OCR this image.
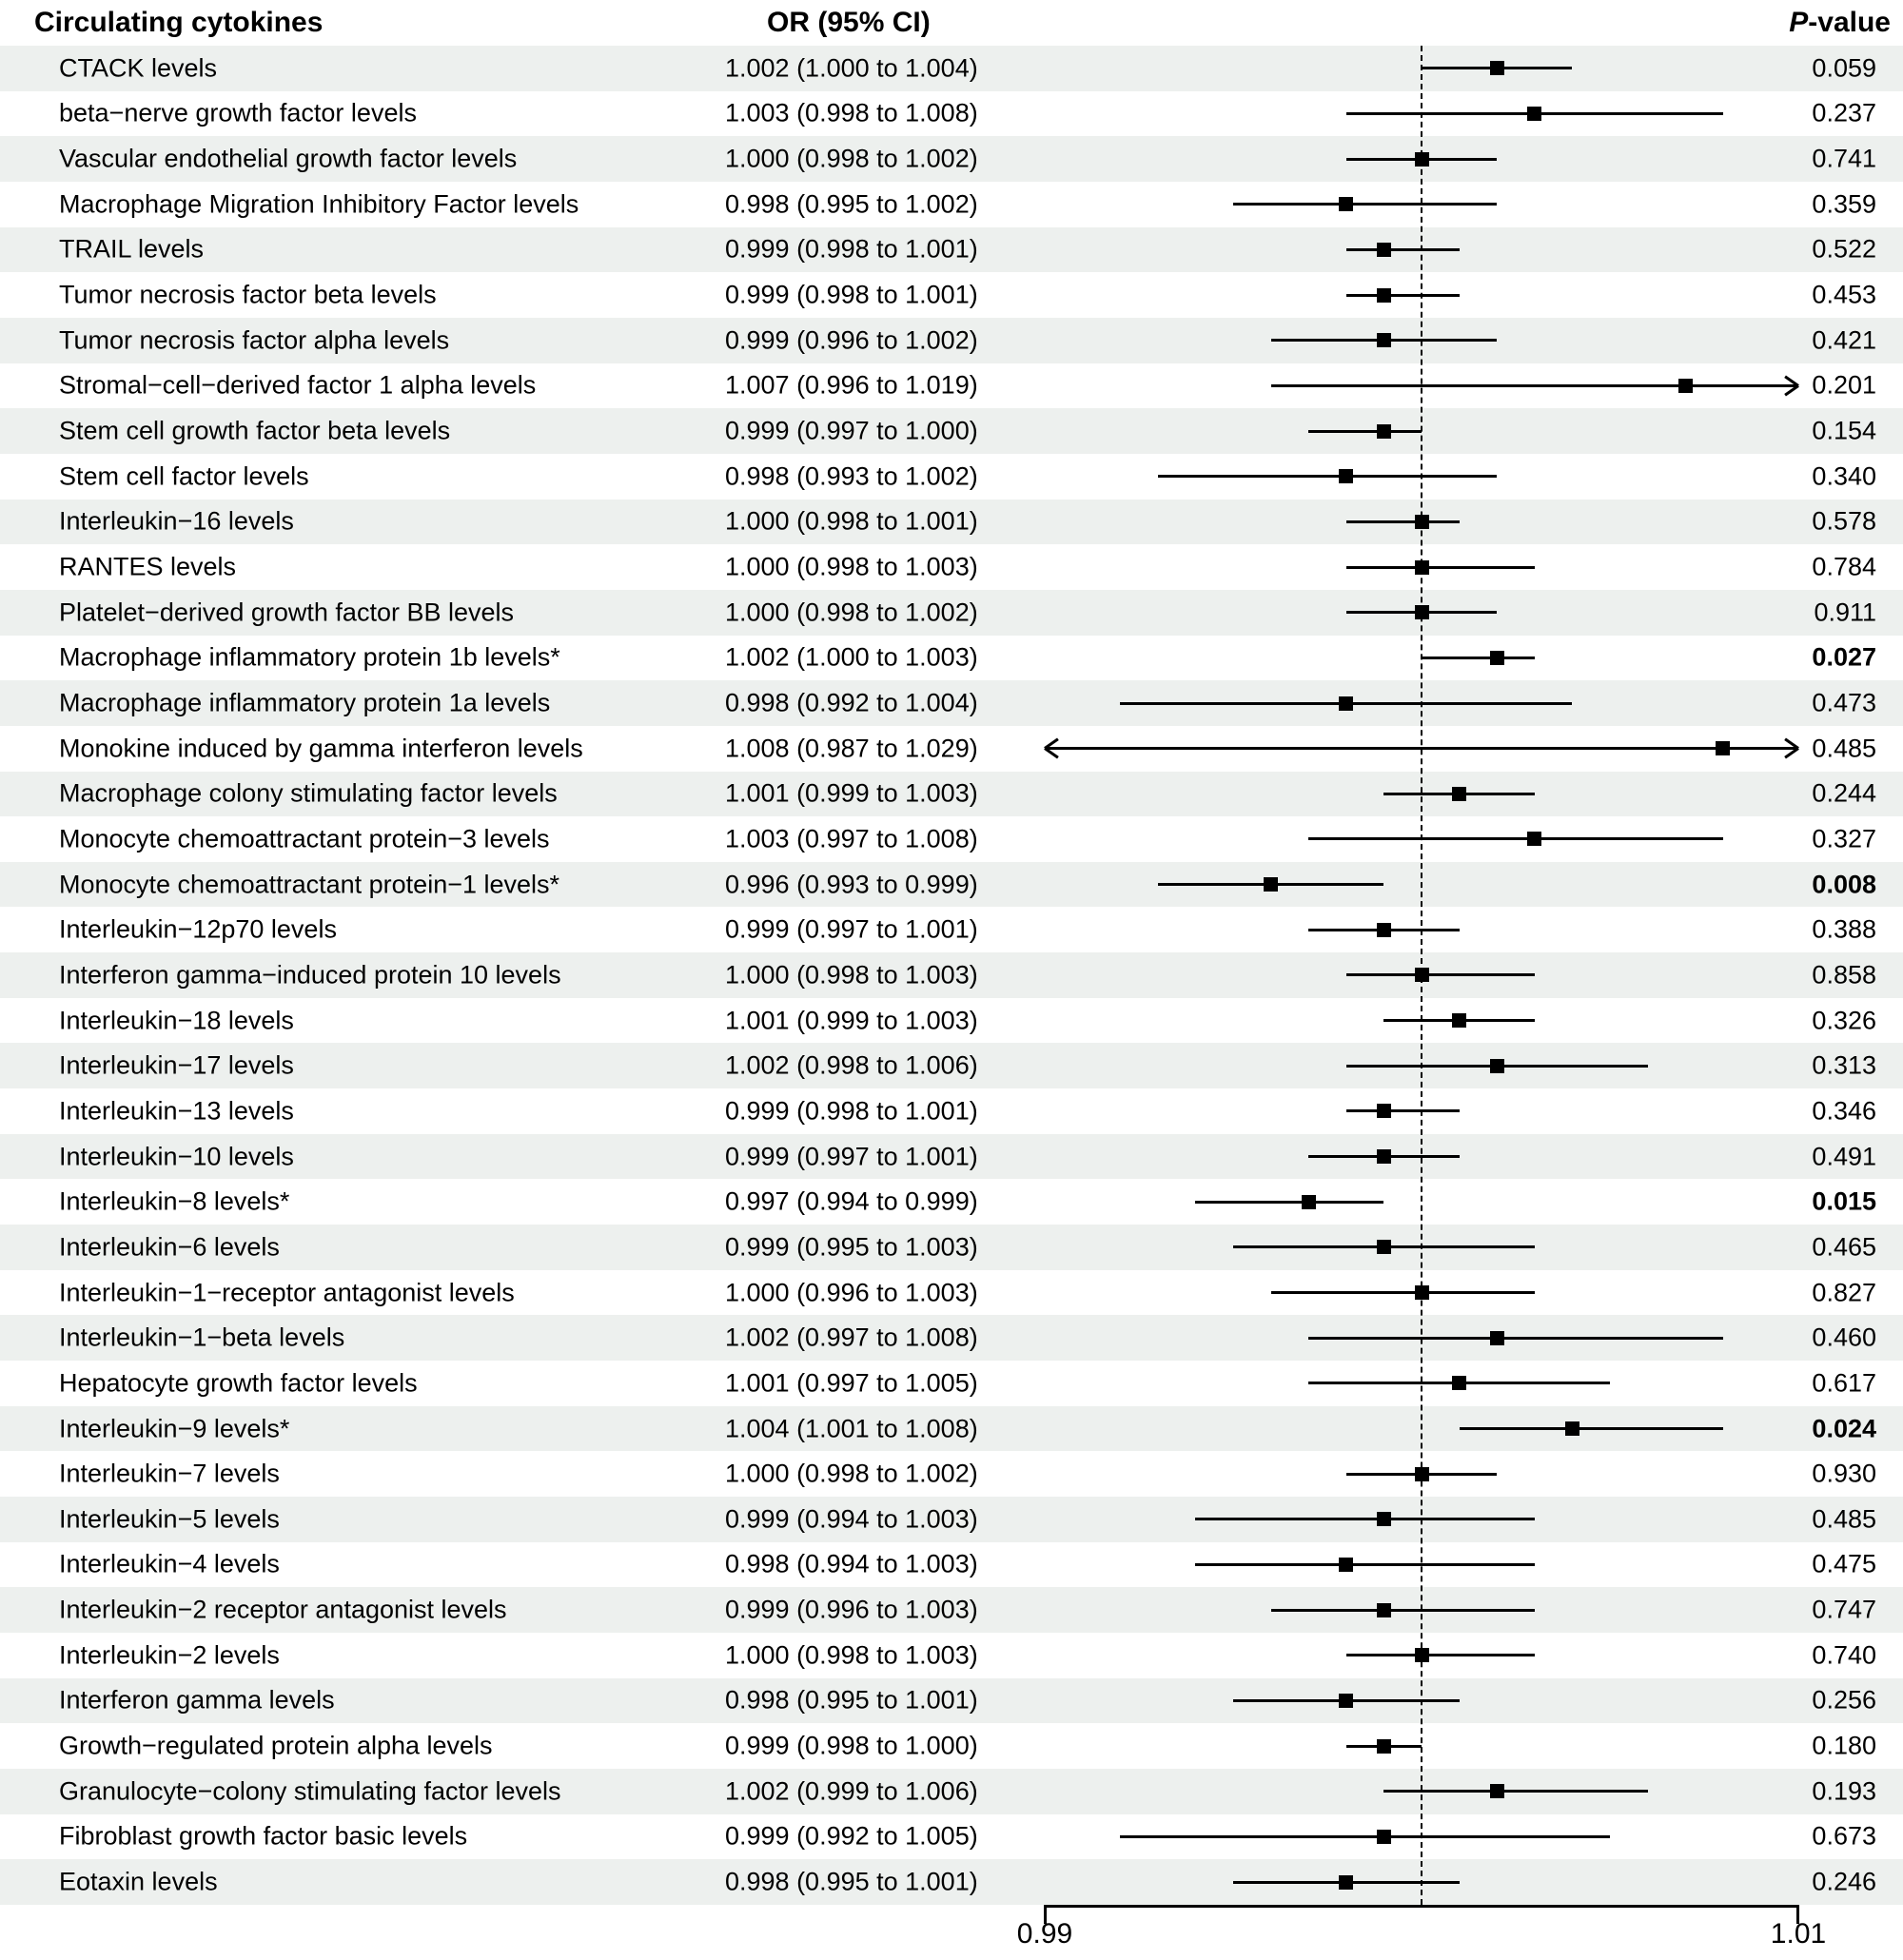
Circulating cytokines	OR (95% CI)	P-value
CTACK levels	1.002 (1.000 to 1.004)	0.059
beta−nerve growth factor levels	1.003 (0.998 to 1.008)	0.237
Vascular endothelial growth factor levels	1.000 (0.998 to 1.002)	0.741
Macrophage Migration Inhibitory Factor levels	0.998 (0.995 to 1.002)	0.359
TRAIL levels	0.999 (0.998 to 1.001)	0.522
Tumor necrosis factor beta levels	0.999 (0.998 to 1.001)	0.453
Tumor necrosis factor alpha levels	0.999 (0.996 to 1.002)	0.421
Stromal−cell−derived factor 1 alpha levels	1.007 (0.996 to 1.019)	0.201
Stem cell growth factor beta levels	0.999 (0.997 to 1.000)	0.154
Stem cell factor levels	0.998 (0.993 to 1.002)	0.340
Interleukin−16 levels	1.000 (0.998 to 1.001)	0.578
RANTES levels	1.000 (0.998 to 1.003)	0.784
Platelet−derived growth factor BB levels	1.000 (0.998 to 1.002)	0.911
Macrophage inflammatory protein 1b levels*	1.002 (1.000 to 1.003)	0.027
Macrophage inflammatory protein 1a levels	0.998 (0.992 to 1.004)	0.473
Monokine induced by gamma interferon levels	1.008 (0.987 to 1.029)	0.485
Macrophage colony stimulating factor levels	1.001 (0.999 to 1.003)	0.244
Monocyte chemoattractant protein−3 levels	1.003 (0.997 to 1.008)	0.327
Monocyte chemoattractant protein−1 levels*	0.996 (0.993 to 0.999)	0.008
Interleukin−12p70 levels	0.999 (0.997 to 1.001)	0.388
Interferon gamma−induced protein 10 levels	1.000 (0.998 to 1.003)	0.858
Interleukin−18 levels	1.001 (0.999 to 1.003)	0.326
Interleukin−17 levels	1.002 (0.998 to 1.006)	0.313
Interleukin−13 levels	0.999 (0.998 to 1.001)	0.346
Interleukin−10 levels	0.999 (0.997 to 1.001)	0.491
Interleukin−8 levels*	0.997 (0.994 to 0.999)	0.015
Interleukin−6 levels	0.999 (0.995 to 1.003)	0.465
Interleukin−1−receptor antagonist levels	1.000 (0.996 to 1.003)	0.827
Interleukin−1−beta levels	1.002 (0.997 to 1.008)	0.460
Hepatocyte growth factor levels	1.001 (0.997 to 1.005)	0.617
Interleukin−9 levels*	1.004 (1.001 to 1.008)	0.024
Interleukin−7 levels	1.000 (0.998 to 1.002)	0.930
Interleukin−5 levels	0.999 (0.994 to 1.003)	0.485
Interleukin−4 levels	0.998 (0.994 to 1.003)	0.475
Interleukin−2 receptor antagonist levels	0.999 (0.996 to 1.003)	0.747
Interleukin−2 levels	1.000 (0.998 to 1.003)	0.740
Interferon gamma levels	0.998 (0.995 to 1.001)	0.256
Growth−regulated protein alpha levels	0.999 (0.998 to 1.000)	0.180
Granulocyte−colony stimulating factor levels	1.002 (0.999 to 1.006)	0.193
Fibroblast growth factor basic levels	0.999 (0.992 to 1.005)	0.673
Eotaxin levels	0.998 (0.995 to 1.001)	0.246
0.99	1.01
